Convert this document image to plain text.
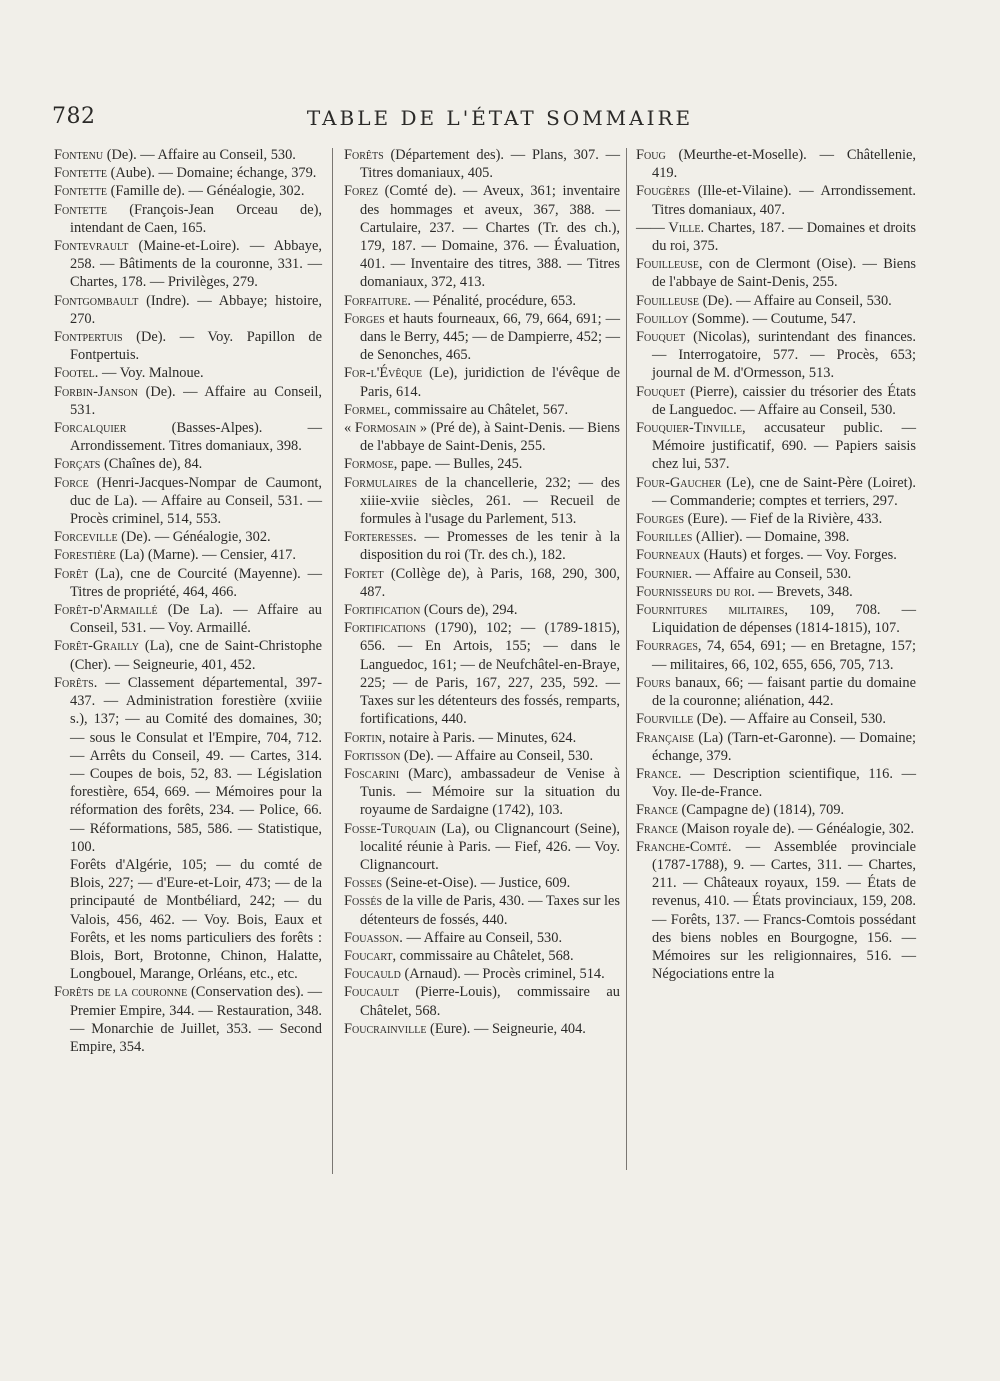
782	TABLE DE L'ÉTAT SOMMAIRE

Fontenu (De). — Affaire au Conseil, 530.

Fontette (Aube). — Domaine; échange, 379.

Fontette (Famille de). — Généalogie, 302.

Fontette (François-Jean Orceau de), intendant de Caen, 165.

Fontevrault (Maine-et-Loire). — Abbaye, 258. — Bâtiments de la couronne, 331. — Chartes, 178. — Privilèges, 279.

Fontgombault (Indre). — Abbaye; histoire, 270.

Fontpertuis (De). — Voy. Papillon de Fontpertuis.

Footel. — Voy. Malnoue.

Forbin-Janson (De). — Affaire au Conseil, 531.

Forcalquier (Basses-Alpes). — Arrondissement. Titres domaniaux, 398.

Forçats (Chaînes de), 84.

Force (Henri-Jacques-Nompar de Caumont, duc de La). — Affaire au Conseil, 531. — Procès criminel, 514, 553.

Forceville (De). — Généalogie, 302.

Forestière (La) (Marne). — Censier, 417.

Forêt (La), cne de Courcité (Mayenne). — Titres de propriété, 464, 466.

Forêt-d'Armaillé (De La). — Affaire au Conseil, 531. — Voy. Armaillé.

Forêt-Grailly (La), cne de Saint-Christophe (Cher). — Seigneurie, 401, 452.

Forêts. — Classement départemental, 397-437. — Administration forestière (xviiie s.), 137; — au Comité des domaines, 30; — sous le Consulat et l'Empire, 704, 712. — Arrêts du Conseil, 49. — Cartes, 314. — Coupes de bois, 52, 83. — Législation forestière, 654, 669. — Mémoires pour la réformation des forêts, 234. — Police, 66. — Réformations, 585, 586. — Statistique, 100.

Forêts d'Algérie, 105; — du comté de Blois, 227; — d'Eure-et-Loir, 473; — de la principauté de Montbéliard, 242; — du Valois, 456, 462. — Voy. Bois, Eaux et Forêts, et les noms particuliers des forêts : Blois, Bort, Brotonne, Chinon, Halatte, Longbouel, Marange, Orléans, etc., etc.

Forêts de la couronne (Conservation des). — Premier Empire, 344. — Restauration, 348. — Monarchie de Juillet, 353. — Second Empire, 354.

Forêts (Département des). — Plans, 307. — Titres domaniaux, 405.

Forez (Comté de). — Aveux, 361; inventaire des hommages et aveux, 367, 388. — Cartulaire, 237. — Chartes (Tr. des ch.), 179, 187. — Domaine, 376. — Évaluation, 401. — Inventaire des titres, 388. — Titres domaniaux, 372, 413.

Forfaiture. — Pénalité, procédure, 653.

Forges et hauts fourneaux, 66, 79, 664, 691; — dans le Berry, 445; — de Dampierre, 452; — de Senonches, 465.

For-l'Évêque (Le), juridiction de l'évêque de Paris, 614.

Formel, commissaire au Châtelet, 567.

« Formosain » (Pré de), à Saint-Denis. — Biens de l'abbaye de Saint-Denis, 255.

Formose, pape. — Bulles, 245.

Formulaires de la chancellerie, 232; — des xiiie-xviie siècles, 261. — Recueil de formules à l'usage du Parlement, 513.

Forteresses. — Promesses de les tenir à la disposition du roi (Tr. des ch.), 182.

Fortet (Collège de), à Paris, 168, 290, 300, 487.

Fortification (Cours de), 294.

Fortifications (1790), 102; — (1789-1815), 656. — En Artois, 155; — dans le Languedoc, 161; — de Neufchâtel-en-Braye, 225; — de Paris, 167, 227, 235, 592. — Taxes sur les détenteurs des fossés, remparts, fortifications, 440.

Fortin, notaire à Paris. — Minutes, 624.

Fortisson (De). — Affaire au Conseil, 530.

Foscarini (Marc), ambassadeur de Venise à Tunis. — Mémoire sur la situation du royaume de Sardaigne (1742), 103.

Fosse-Turquain (La), ou Clignancourt (Seine), localité réunie à Paris. — Fief, 426. — Voy. Clignancourt.

Fosses (Seine-et-Oise). — Justice, 609.

Fossés de la ville de Paris, 430. — Taxes sur les détenteurs de fossés, 440.

Fouasson. — Affaire au Conseil, 530.

Foucart, commissaire au Châtelet, 568.

Foucauld (Arnaud). — Procès criminel, 514.

Foucault (Pierre-Louis), commissaire au Châtelet, 568.

Foucrainville (Eure). — Seigneurie, 404.

Foug (Meurthe-et-Moselle). — Châtellenie, 419.

Fougères (Ille-et-Vilaine). — Arrondissement. Titres domaniaux, 407.

—— Ville. Chartes, 187. — Domaines et droits du roi, 375.

Fouilleuse, con de Clermont (Oise). — Biens de l'abbaye de Saint-Denis, 255.

Fouilleuse (De). — Affaire au Conseil, 530.

Fouilloy (Somme). — Coutume, 547.

Fouquet (Nicolas), surintendant des finances. — Interrogatoire, 577. — Procès, 653; journal de M. d'Ormesson, 513.

Fouquet (Pierre), caissier du trésorier des États de Languedoc. — Affaire au Conseil, 530.

Fouquier-Tinville, accusateur public. — Mémoire justificatif, 690. — Papiers saisis chez lui, 537.

Four-Gaucher (Le), cne de Saint-Père (Loiret). — Commanderie; comptes et terriers, 297.

Fourges (Eure). — Fief de la Rivière, 433.

Fourilles (Allier). — Domaine, 398.

Fourneaux (Hauts) et forges. — Voy. Forges.

Fournier. — Affaire au Conseil, 530.

Fournisseurs du roi. — Brevets, 348.

Fournitures militaires, 109, 708. — Liquidation de dépenses (1814-1815), 107.

Fourrages, 74, 654, 691; — en Bretagne, 157; — militaires, 66, 102, 655, 656, 705, 713.

Fours banaux, 66; — faisant partie du domaine de la couronne; aliénation, 442.

Fourville (De). — Affaire au Conseil, 530.

Française (La) (Tarn-et-Garonne). — Domaine; échange, 379.

France. — Description scientifique, 116. — Voy. Ile-de-France.

France (Campagne de) (1814), 709.

France (Maison royale de). — Généalogie, 302.

Franche-Comté. — Assemblée provinciale (1787-1788), 9. — Cartes, 311. — Chartes, 211. — Châteaux royaux, 159. — États de revenus, 410. — États provinciaux, 159, 208. — Forêts, 137. — Francs-Comtois possédant des biens nobles en Bourgogne, 156. — Mémoires sur les religionnaires, 516. — Négociations entre la
